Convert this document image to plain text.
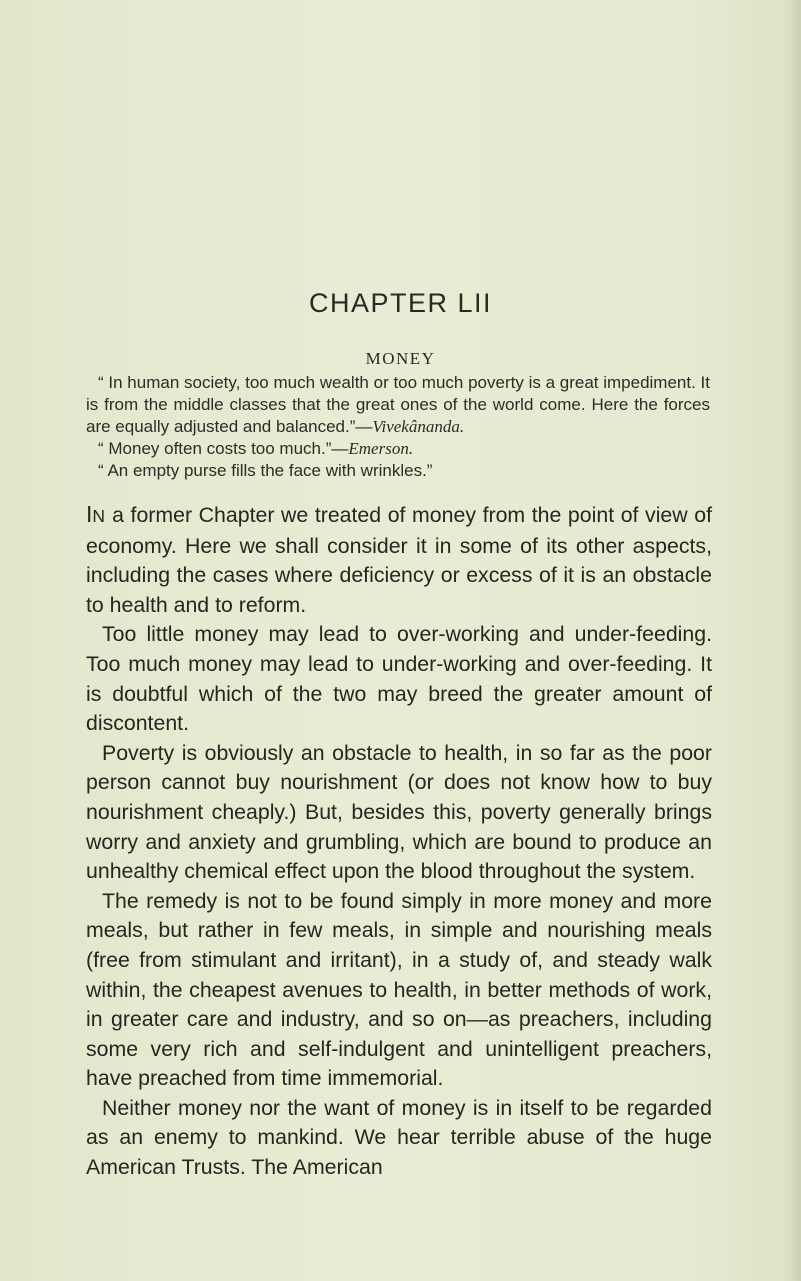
CHAPTER LII
MONEY

“ In human society, too much wealth or too much poverty is a great impediment. It is from the middle classes that the great ones of the world come. Here the forces are equally adjusted and balanced.”—Vivekânanda.

“ Money often costs too much.”—Emerson.

“ An empty purse fills the face with wrinkles.”

IN a former Chapter we treated of money from the point of view of economy. Here we shall consider it in some of its other aspects, including the cases where deficiency or excess of it is an obstacle to health and to reform.

Too little money may lead to over-working and under-feeding. Too much money may lead to under-working and over-feeding. It is doubtful which of the two may breed the greater amount of discontent.

Poverty is obviously an obstacle to health, in so far as the poor person cannot buy nourishment (or does not know how to buy nourishment cheaply.) But, besides this, poverty generally brings worry and anxiety and grumbling, which are bound to produce an unhealthy chemical effect upon the blood throughout the system.

The remedy is not to be found simply in more money and more meals, but rather in few meals, in simple and nourishing meals (free from stimulant and irritant), in a study of, and steady walk within, the cheapest avenues to health, in better methods of work, in greater care and industry, and so on—as preachers, including some very rich and self-indulgent and unintelligent preachers, have preached from time immemorial.

Neither money nor the want of money is in itself to be regarded as an enemy to mankind. We hear terrible abuse of the huge American Trusts. The American
